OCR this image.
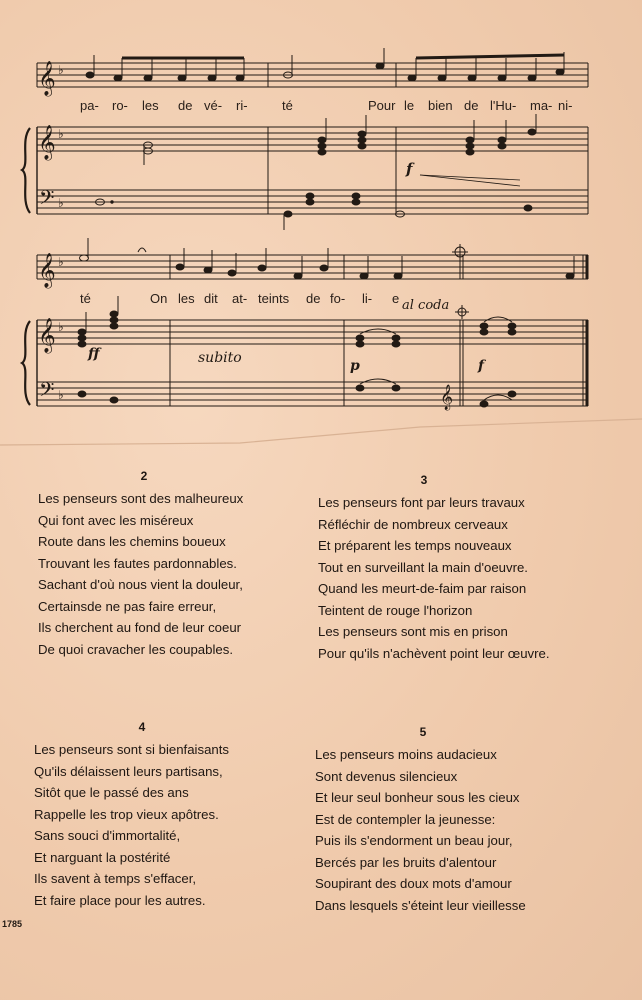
𝄞
𝄞
𝄢
𝄞
𝄞
𝄢	𝄞
♭
♭
♭
♭
♭
♭
pa- ro- les de vé- ri-	té	Pour le bien de l'Hu- ma- ni-
té	On les dit at- teints de fo- li- e
f
al coda
ff
p	f
subito
2
Les penseurs sont des malheureux
Qui font avec les miséreux
Route dans les chemins boueux
Trouvant les fautes pardonnables.
Sachant d'où nous vient la douleur,
Certainsde ne pas faire erreur,
Ils cherchent au fond de leur coeur
De quoi cravacher les coupables.
3
Les penseurs font par leurs travaux
Réfléchir de nombreux cerveaux
Et préparent les temps nouveaux
Tout en surveillant la main d'oeuvre.
Quand les meurt-de-faim par raison
Teintent de rouge l'horizon
Les penseurs sont mis en prison
Pour qu'ils n'achèvent point leur œuvre.
4
Les penseurs sont si bienfaisants
Qu'ils délaissent leurs partisans,
Sitôt que le passé des ans
Rappelle les trop vieux apôtres.
Sans souci d'immortalité,
Et narguant la postérité
Ils savent à temps s'effacer,
Et faire place pour les autres.
5
Les penseurs moins audacieux
Sont devenus silencieux
Et leur seul bonheur sous les cieux
Est de contempler la jeunesse:
Puis ils s'endorment un beau jour,
Bercés par les bruits d'alentour
Soupirant des doux mots d'amour
Dans lesquels s'éteint leur vieillesse
1785
